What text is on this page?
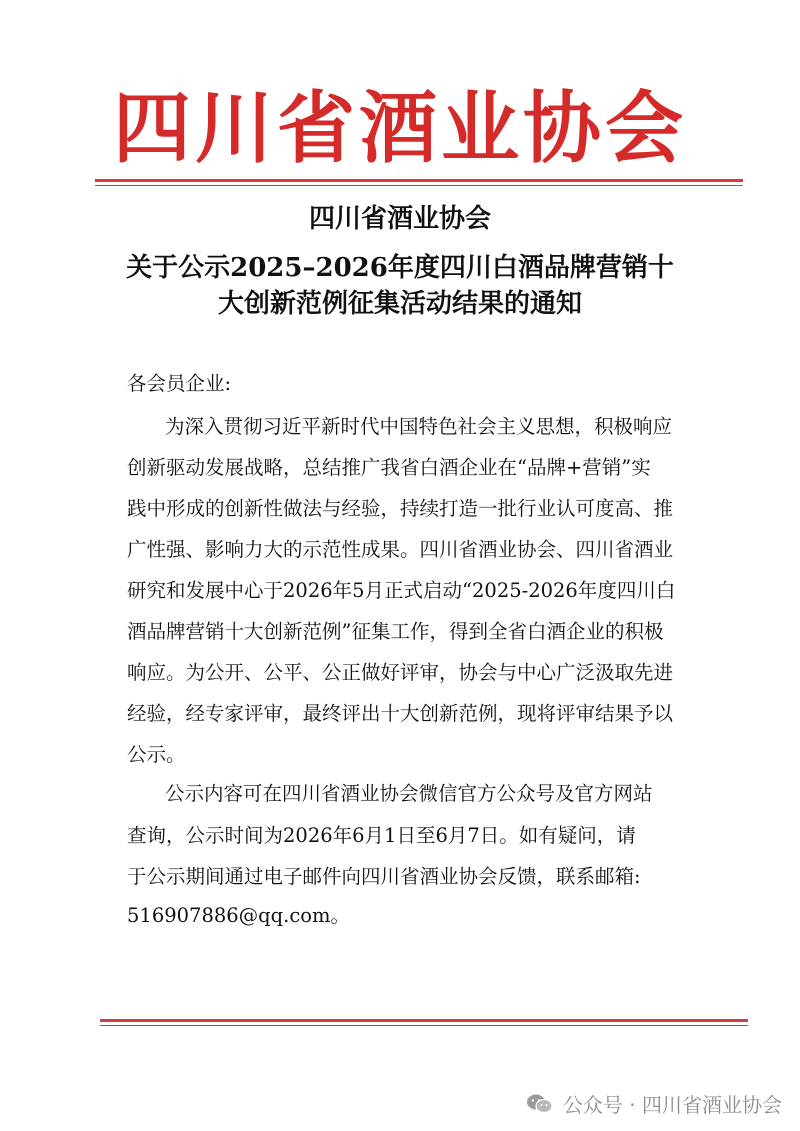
四川省酒业协会
四川省酒业协会
关于公示2025–2026年度四川白酒品牌营销十
大创新范例征集活动结果的通知
各会员企业:
为深入贯彻习近平新时代中国特色社会主义思想，积极响应
创新驱动发展战略，总结推广我省白酒企业在“品牌+营销”实
践中形成的创新性做法与经验，持续打造一批行业认可度高、推
广性强、影响力大的示范性成果。四川省酒业协会、四川省酒业
研究和发展中心于2026年5月正式启动“2025-2026年度四川白
酒品牌营销十大创新范例”征集工作，得到全省白酒企业的积极
响应。为公开、公平、公正做好评审，协会与中心广泛汲取先进
经验，经专家评审，最终评出十大创新范例，现将评审结果予以
公示。
公示内容可在四川省酒业协会微信官方公众号及官方网站
查询，公示时间为2026年6月1日至6月7日。如有疑问，请
于公示期间通过电子邮件向四川省酒业协会反馈，联系邮箱:
516907886@qq.com。
公众号 · 四川省酒业协会
